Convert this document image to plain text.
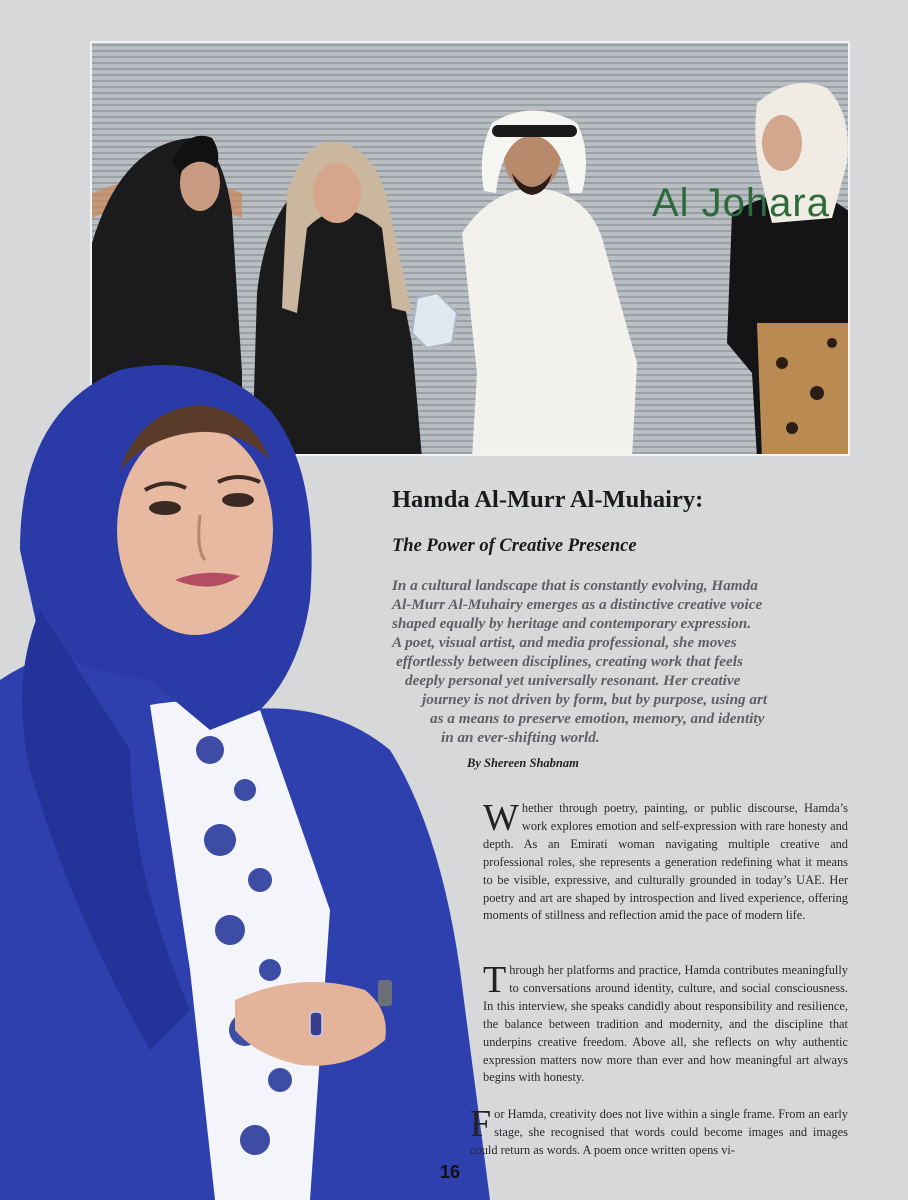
Al Johara
Hamda Al-Murr Al-Muhairy:
The Power of Creative Presence
In a cultural landscape that is constantly evolving, Hamda
Al-Murr Al-Muhairy emerges as a distinctive creative voice
shaped equally by heritage and contemporary expression.
A poet, visual artist, and media professional, she moves
effortlessly between disciplines, creating work that feels
deeply personal yet universally resonant. Her creative
journey is not driven by form, but by purpose, using art
as a means to preserve emotion, memory, and identity
in an ever-shifting world.

By Shereen Shabnam

Whether through poetry, painting, or public discourse, Hamda’s work explores emotion and self-expression with rare honesty and depth. As an Emirati woman navigating multiple creative and professional roles, she represents a generation redefining what it means to be visible, expressive, and culturally grounded in today’s UAE. Her poetry and art are shaped by introspection and lived experience, offering moments of stillness and reflection amid the pace of modern life.

Through her platforms and practice, Hamda contributes meaningfully to conversations around identity, culture, and social consciousness. In this interview, she speaks candidly about responsibility and resilience, the balance between tradition and modernity, and the discipline that underpins creative freedom. Above all, she reflects on why authentic expression matters now more than ever and how meaningful art always begins with honesty.

For Hamda, creativity does not live within a single frame. From an early stage, she recognised that words could become images and images could return as words. A poem once written opens vi-

16
